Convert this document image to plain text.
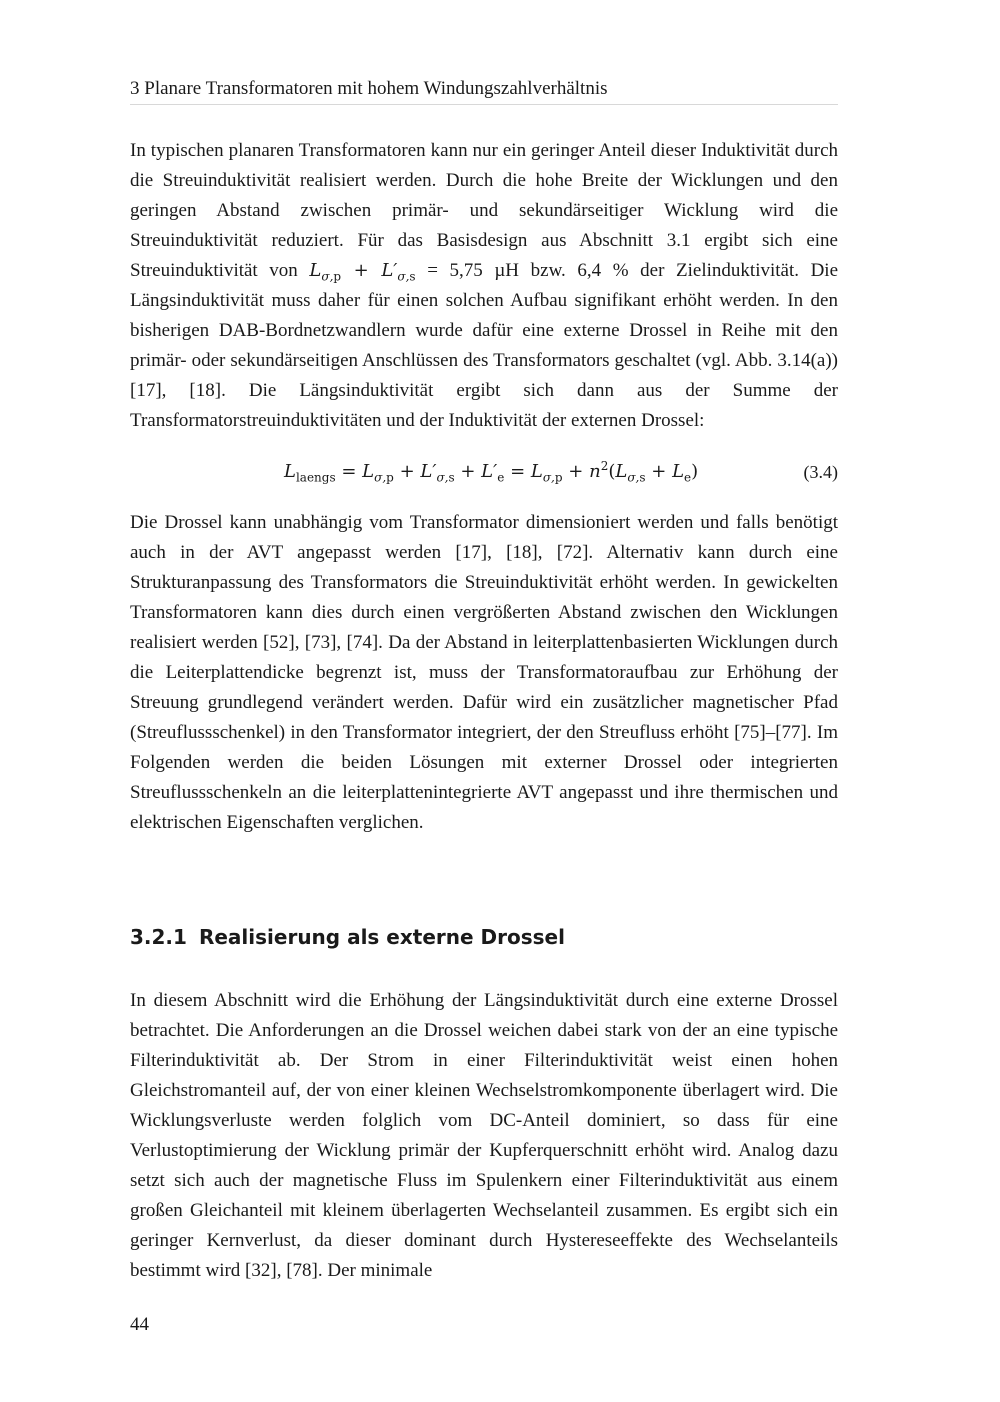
3 Planare Transformatoren mit hohem Windungszahlverhältnis

In typischen planaren Transformatoren kann nur ein geringer Anteil dieser Induktivität durch die Streuinduktivität realisiert werden. Durch die hohe Breite der Wicklungen und den geringen Abstand zwischen primär- und sekundärseitiger Wicklung wird die Streuinduktivität reduziert. Für das Basisdesign aus Abschnitt 3.1 ergibt sich eine Streuinduktivität von $L_{\sigma,p} + L'_{\sigma,s} = 5,75$ µH bzw. 6,4 % der Zielinduktivität. Die Längsinduktivität muss daher für einen solchen Aufbau signifikant erhöht werden. In den bisherigen DAB-Bordnetzwandlern wurde dafür eine externe Drossel in Reihe mit den primär- oder sekundärseitigen Anschlüssen des Transformators geschaltet (vgl. Abb. 3.14(a)) [17], [18]. Die Längsinduktivität ergibt sich dann aus der Summe der Transformatorstreuinduktivitäten und der Induktivität der externen Drossel:

$L_{laengs} = L_{\sigma,p} + L'_{\sigma,s} + L'_e = L_{\sigma,p} + n^2(L_{\sigma,s} + L_e)$	(3.4)

Die Drossel kann unabhängig vom Transformator dimensioniert werden und falls benötigt auch in der AVT angepasst werden [17], [18], [72]. Alternativ kann durch eine Strukturanpassung des Transformators die Streuinduktivität erhöht werden. In gewickelten Transformatoren kann dies durch einen vergrößerten Abstand zwischen den Wicklungen realisiert werden [52], [73], [74]. Da der Abstand in leiterplattenbasierten Wicklungen durch die Leiterplattendicke begrenzt ist, muss der Transformatoraufbau zur Erhöhung der Streuung grundlegend verändert werden. Dafür wird ein zusätzlicher magnetischer Pfad (Streuflussschenkel) in den Transformator integriert, der den Streufluss erhöht [75]–[77]. Im Folgenden werden die beiden Lösungen mit externer Drossel oder integrierten Streuflussschenkeln an die leiterplattenintegrierte AVT angepasst und ihre thermischen und elektrischen Eigenschaften verglichen.

3.2.1 Realisierung als externe Drossel

In diesem Abschnitt wird die Erhöhung der Längsinduktivität durch eine externe Drossel betrachtet. Die Anforderungen an die Drossel weichen dabei stark von der an eine typische Filterinduktivität ab. Der Strom in einer Filterinduktivität weist einen hohen Gleichstromanteil auf, der von einer kleinen Wechselstromkomponente überlagert wird. Die Wicklungsverluste werden folglich vom DC-Anteil dominiert, so dass für eine Verlustoptimierung der Wicklung primär der Kupferquerschnitt erhöht wird. Analog dazu setzt sich auch der magnetische Fluss im Spulenkern einer Filterinduktivität aus einem großen Gleichanteil mit kleinem überlagerten Wechselanteil zusammen. Es ergibt sich ein geringer Kernverlust, da dieser dominant durch Hystereseeffekte des Wechselanteils bestimmt wird [32], [78]. Der minimale

44
